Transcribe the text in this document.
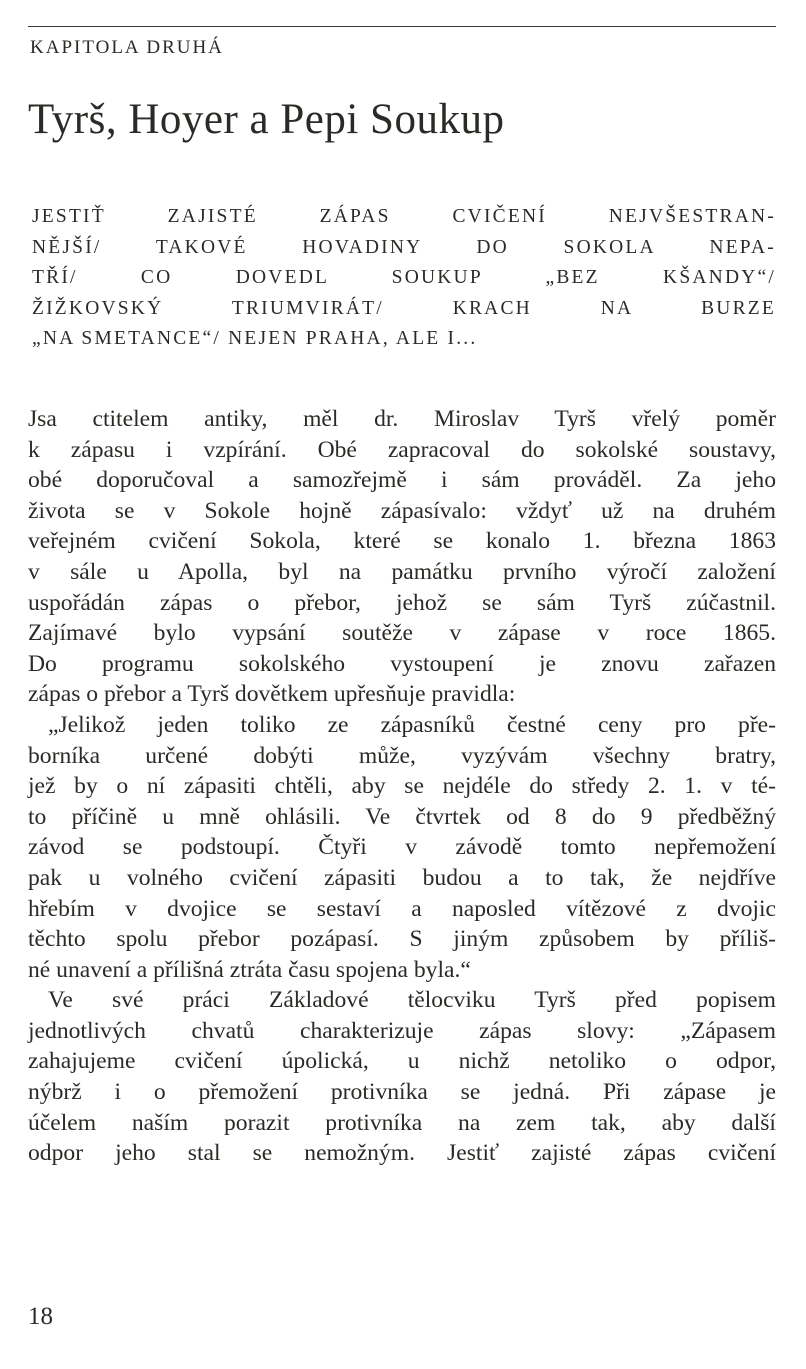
KAPITOLA DRUHÁ
Tyrš, Hoyer a Pepi Soukup
JESTIŤ ZAJISTÉ ZÁPAS CVIČENÍ NEJVŠESTRAN-
NĚJŠÍ/ TAKOVÉ HOVADINY DO SOKOLA NEPA-
TŘÍ/ CO DOVEDL SOUKUP „BEZ KŠANDY“/
ŽIŽKOVSKÝ TRIUMVIRÁT/ KRACH NA BURZE
„NA SMETANCE“/ NEJEN PRAHA, ALE I...
Jsa ctitelem antiky, měl dr. Miroslav Tyrš vřelý poměr
k zápasu i vzpírání. Obé zapracoval do sokolské soustavy,
obé doporučoval a samozřejmě i sám prováděl. Za jeho
života se v Sokole hojně zápasívalo: vždyť už na druhém
veřejném cvičení Sokola, které se konalo 1. března 1863
v sále u Apolla, byl na památku prvního výročí založení
uspořádán zápas o přebor, jehož se sám Tyrš zúčastnil.
Zajímavé bylo vypsání soutěže v zápase v roce 1865.
Do programu sokolského vystoupení je znovu zařazen
zápas o přebor a Tyrš dovětkem upřesňuje pravidla:
„Jelikož jeden toliko ze zápasníků čestné ceny pro pře-
borníka určené dobýti může, vyzývám všechny bratry,
jež by o ní zápasiti chtěli, aby se nejdéle do středy 2. 1. v té-
to příčině u mně ohlásili. Ve čtvrtek od 8 do 9 předběžný
závod se podstoupí. Čtyři v závodě tomto nepřemožení
pak u volného cvičení zápasiti budou a to tak, že nejdříve
hřebím v dvojice se sestaví a naposled vítězové z dvojic
těchto spolu přebor pozápasí. S jiným způsobem by příliš-
né unavení a přílišná ztráta času spojena byla.“
Ve své práci Základové tělocviku Tyrš před popisem
jednotlivých chvatů charakterizuje zápas slovy: „Zápasem
zahajujeme cvičení úpolická, u nichž netoliko o odpor,
nýbrž i o přemožení protivníka se jedná. Při zápase je
účelem naším porazit protivníka na zem tak, aby další
odpor jeho stal se nemožným. Jestiť zajisté zápas cvičení
18
